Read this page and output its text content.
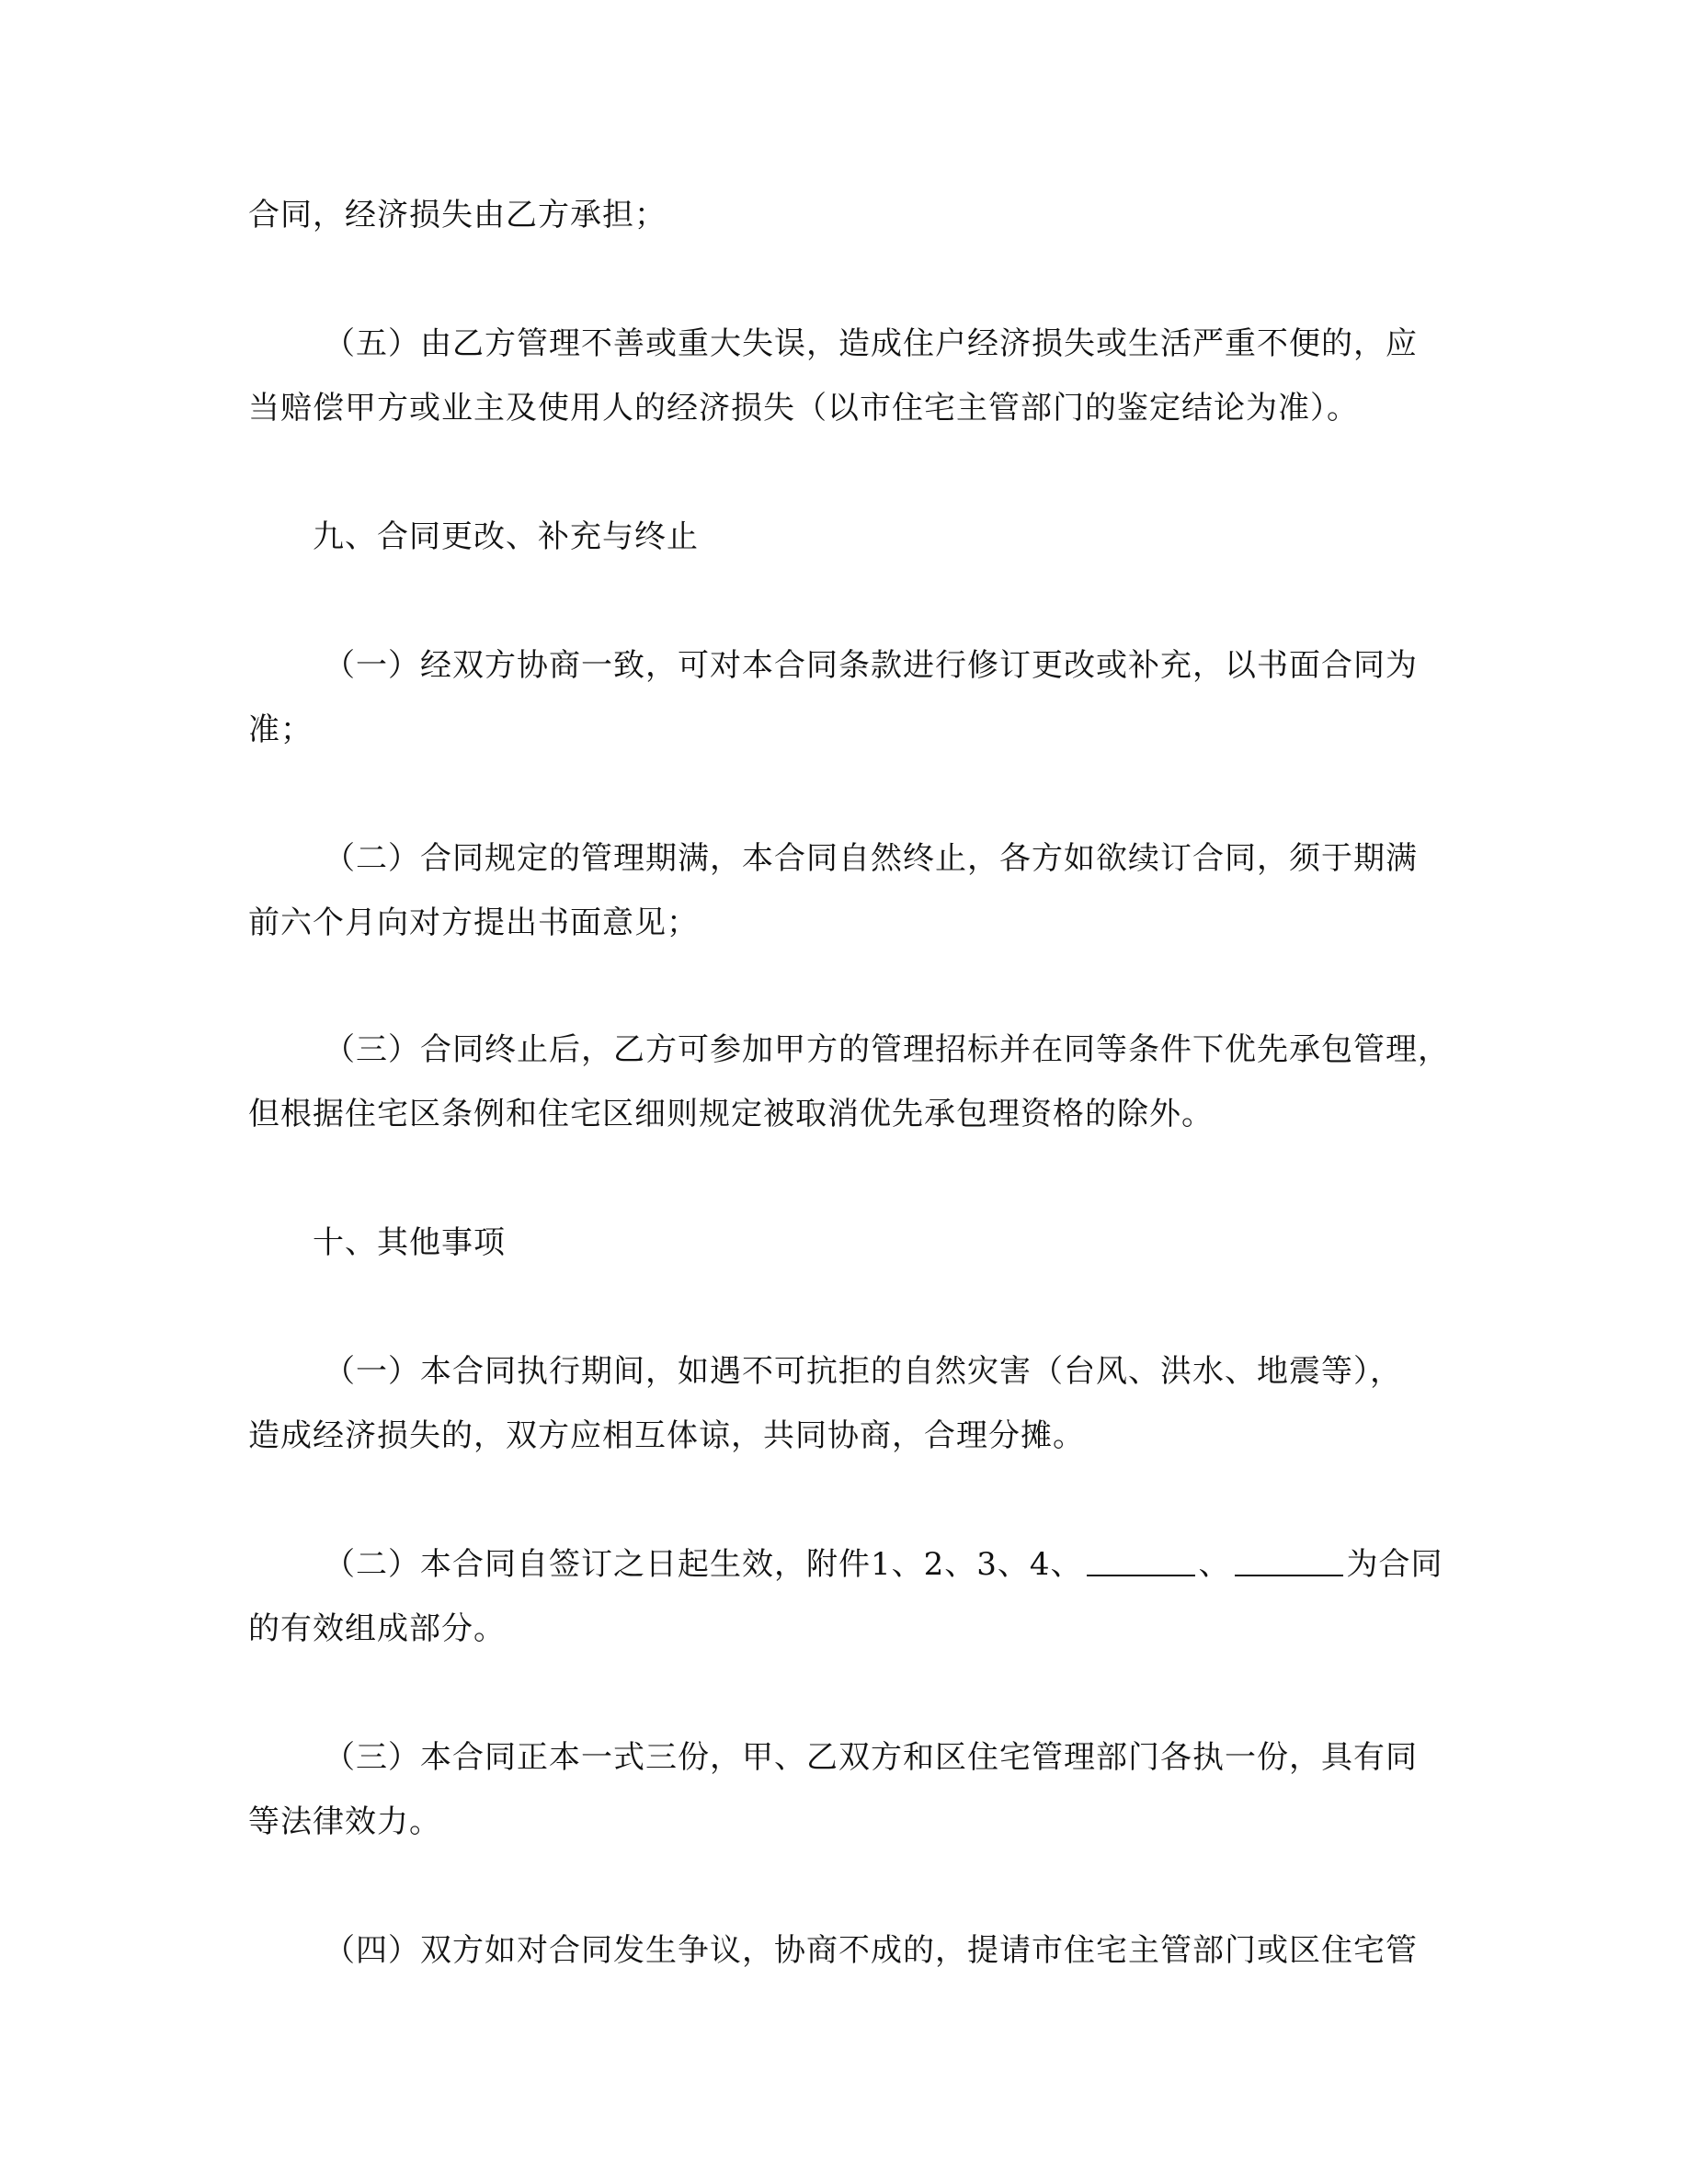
合同，经济损失由乙方承担；
（五）由乙方管理不善或重大失误，造成住户经济损失或生活严重不便的，应
当赔偿甲方或业主及使用人的经济损失（以市住宅主管部门的鉴定结论为准）。
九、合同更改、补充与终止
（一）经双方协商一致，可对本合同条款进行修订更改或补充，以书面合同为
准；
（二）合同规定的管理期满，本合同自然终止，各方如欲续订合同，须于期满
前六个月向对方提出书面意见；
（三）合同终止后，乙方可参加甲方的管理招标并在同等条件下优先承包管理，
但根据住宅区条例和住宅区细则规定被取消优先承包理资格的除外。
十、其他事项
（一）本合同执行期间，如遇不可抗拒的自然灾害（台风、洪水、地震等），
造成经济损失的，双方应相互体谅，共同协商，合理分摊。
（二）本合同自签订之日起生效，附件1、2、3、4、	、	为合同
的有效组成部分。
（三）本合同正本一式三份，甲、乙双方和区住宅管理部门各执一份，具有同
等法律效力。
（四）双方如对合同发生争议，协商不成的，提请市住宅主管部门或区住宅管
